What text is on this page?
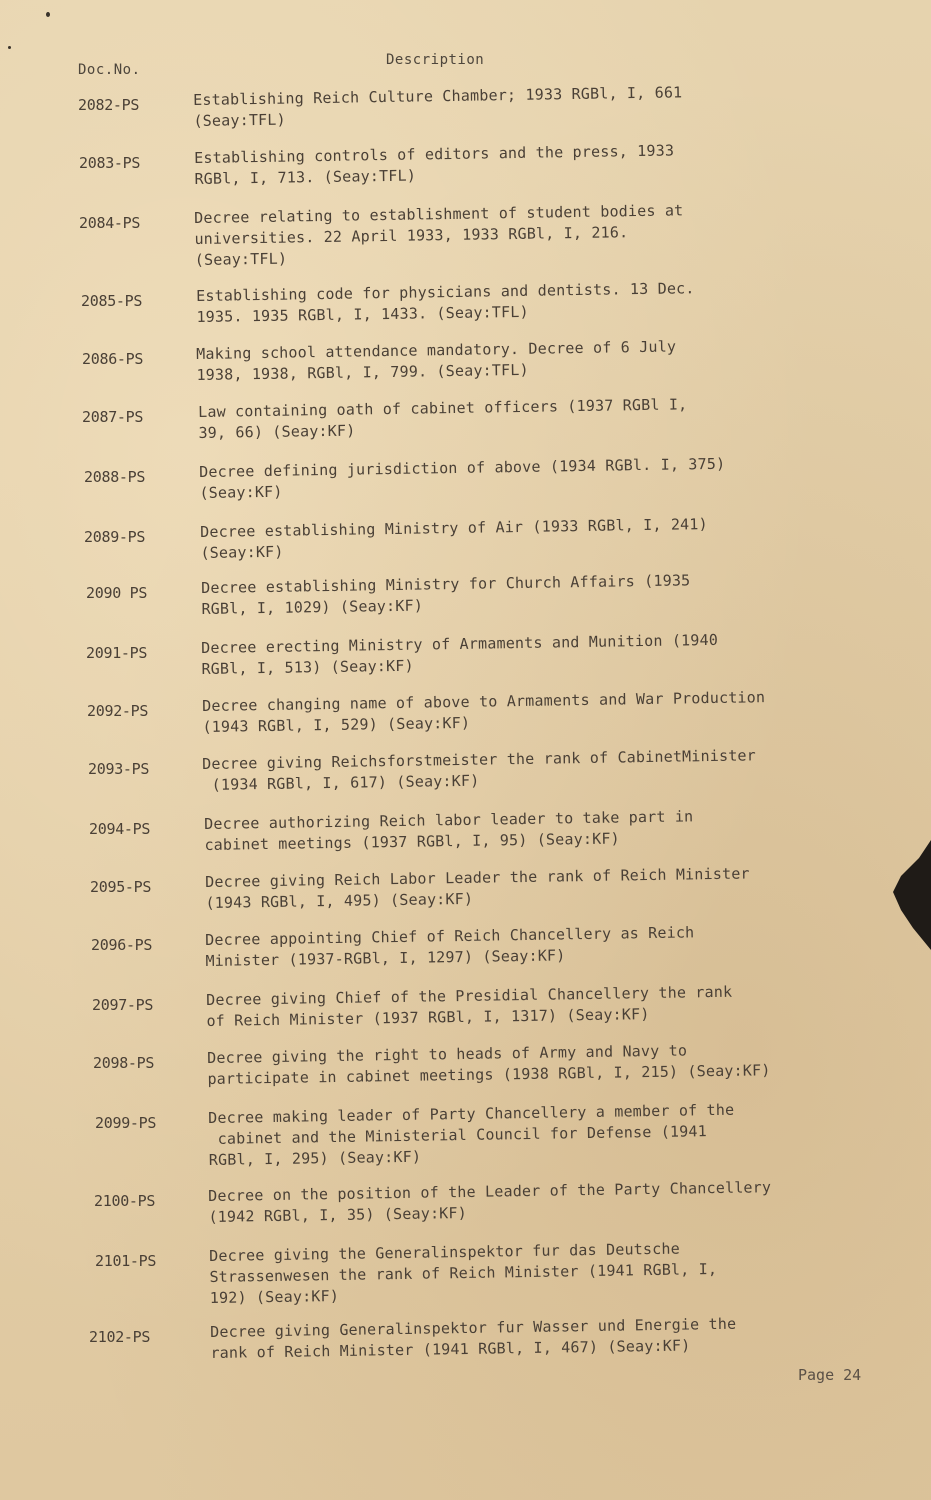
Doc.No.
Description
2082-PS	Establishing Reich Culture Chamber; 1933 RGBl, I, 661
(Seay:TFL)
2083-PS	Establishing controls of editors and the press, 1933
RGBl, I, 713. (Seay:TFL)
2084-PS	Decree relating to establishment of student bodies at
universities. 22 April 1933, 1933 RGBl, I, 216.
(Seay:TFL)
2085-PS	Establishing code for physicians and dentists. 13 Dec.
1935. 1935 RGBl, I, 1433. (Seay:TFL)
2086-PS	Making school attendance mandatory. Decree of 6 July
1938, 1938, RGBl, I, 799. (Seay:TFL)
2087-PS	Law containing oath of cabinet officers (1937 RGBl I,
39, 66) (Seay:KF)
2088-PS	Decree defining jurisdiction of above (1934 RGBl. I, 375)
(Seay:KF)
2089-PS	Decree establishing Ministry of Air (1933 RGBl, I, 241)
(Seay:KF)
2090 PS	Decree establishing Ministry for Church Affairs (1935
RGBl, I, 1029) (Seay:KF)
2091-PS	Decree erecting Ministry of Armaments and Munition (1940
RGBl, I, 513) (Seay:KF)
2092-PS	Decree changing name of above to Armaments and War Production
(1943 RGBl, I, 529) (Seay:KF)
2093-PS	Decree giving Reichsforstmeister the rank of CabinetMinister
(1934 RGBl, I, 617) (Seay:KF)
2094-PS	Decree authorizing Reich labor leader to take part in
cabinet meetings (1937 RGBl, I, 95) (Seay:KF)
2095-PS	Decree giving Reich Labor Leader the rank of Reich Minister
(1943 RGBl, I, 495) (Seay:KF)
2096-PS	Decree appointing Chief of Reich Chancellery as Reich
Minister (1937-RGBl, I, 1297) (Seay:KF)
2097-PS	Decree giving Chief of the Presidial Chancellery the rank
of Reich Minister (1937 RGBl, I, 1317) (Seay:KF)
2098-PS	Decree giving the right to heads of Army and Navy to
participate in cabinet meetings (1938 RGBl, I, 215) (Seay:KF)
2099-PS	Decree making leader of Party Chancellery a member of the
cabinet and the Ministerial Council for Defense (1941
RGBl, I, 295) (Seay:KF)
2100-PS	Decree on the position of the Leader of the Party Chancellery
(1942 RGBl, I, 35) (Seay:KF)
2101-PS	Decree giving the Generalinspektor fur das Deutsche
Strassenwesen the rank of Reich Minister (1941 RGBl, I,
192) (Seay:KF)
2102-PS	Decree giving Generalinspektor fur Wasser und Energie the
rank of Reich Minister (1941 RGBl, I, 467) (Seay:KF)
Page 24
